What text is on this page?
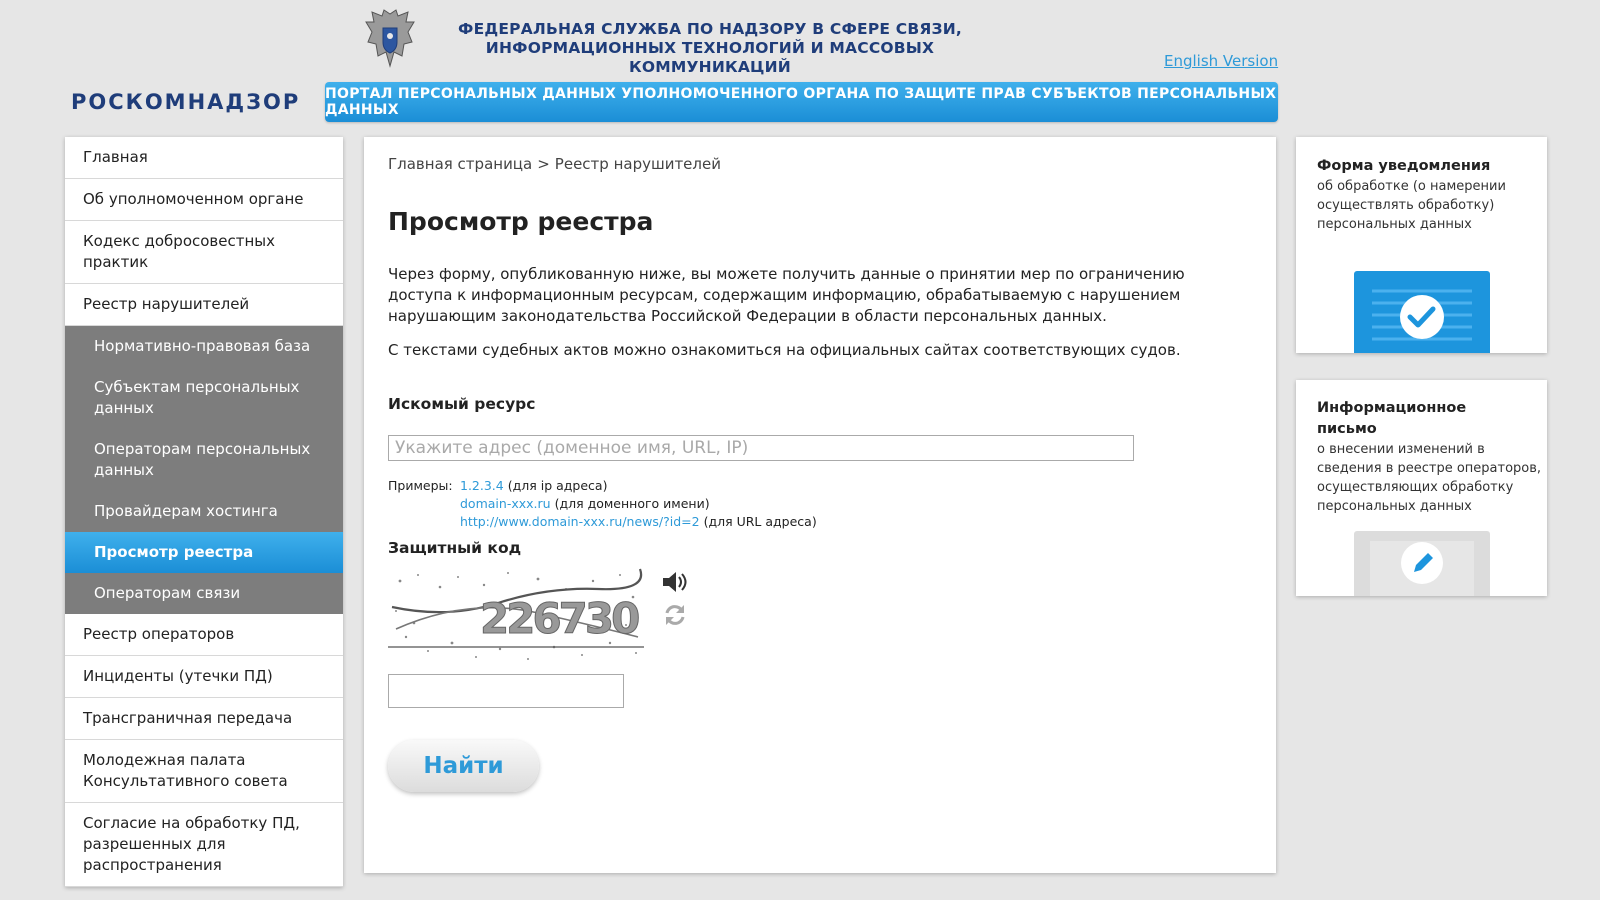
ФЕДЕРАЛЬНАЯ СЛУЖБА ПО НАДЗОРУ В СФЕРЕ СВЯЗИ, ИНФОРМАЦИОННЫХ ТЕХНОЛОГИЙ И МАССОВЫХ КОММУНИКАЦИЙ	English Version
РОСКОМНАДЗОР ПОРТАЛ ПЕРСОНАЛЬНЫХ ДАННЫХ УПОЛНОМОЧЕННОГО ОРГАНА ПО ЗАЩИТЕ ПРАВ СУБЪЕКТОВ ПЕРСОНАЛЬНЫХ ДАННЫХ
Главная
Об уполномоченном органе
Кодекс добросовестных практик
Реестр нарушителей
Нормативно-правовая база
Субъектам персональных данных
Операторам персональных данных
Провайдерам хостинга
Просмотр реестра
Операторам связи
Реестр операторов
Инциденты (утечки ПД)
Трансграничная передача
Молодежная палата Консультативного совета
Согласие на обработку ПД, разрешенных для распространения
Главная страница > Реестр нарушителей
Просмотр реестра

Через форму, опубликованную ниже, вы можете получить данные о принятии мер по ограничению доступа к информационным ресурсам, содержащим информацию, обрабатываемую с нарушением нарушающим законодательства Российской Федерации в области персональных данных.

С текстами судебных актов можно ознакомиться на официальных сайтах соответствующих судов.

Искомый ресурс
Укажите адрес (доменное имя, URL, IP)
Примеры: 1.2.3.4 (для ip адреса)
domain-xxx.ru (для доменного имени)
http://www.domain-xxx.ru/news/?id=2 (для URL адреса)
Защитный код
226730
Найти
Форма уведомления
об обработке (о намерении осуществлять обработку) персональных данных
Информационное письмо
о внесении изменений в сведения в реестре операторов, осуществляющих обработку персональных данных
